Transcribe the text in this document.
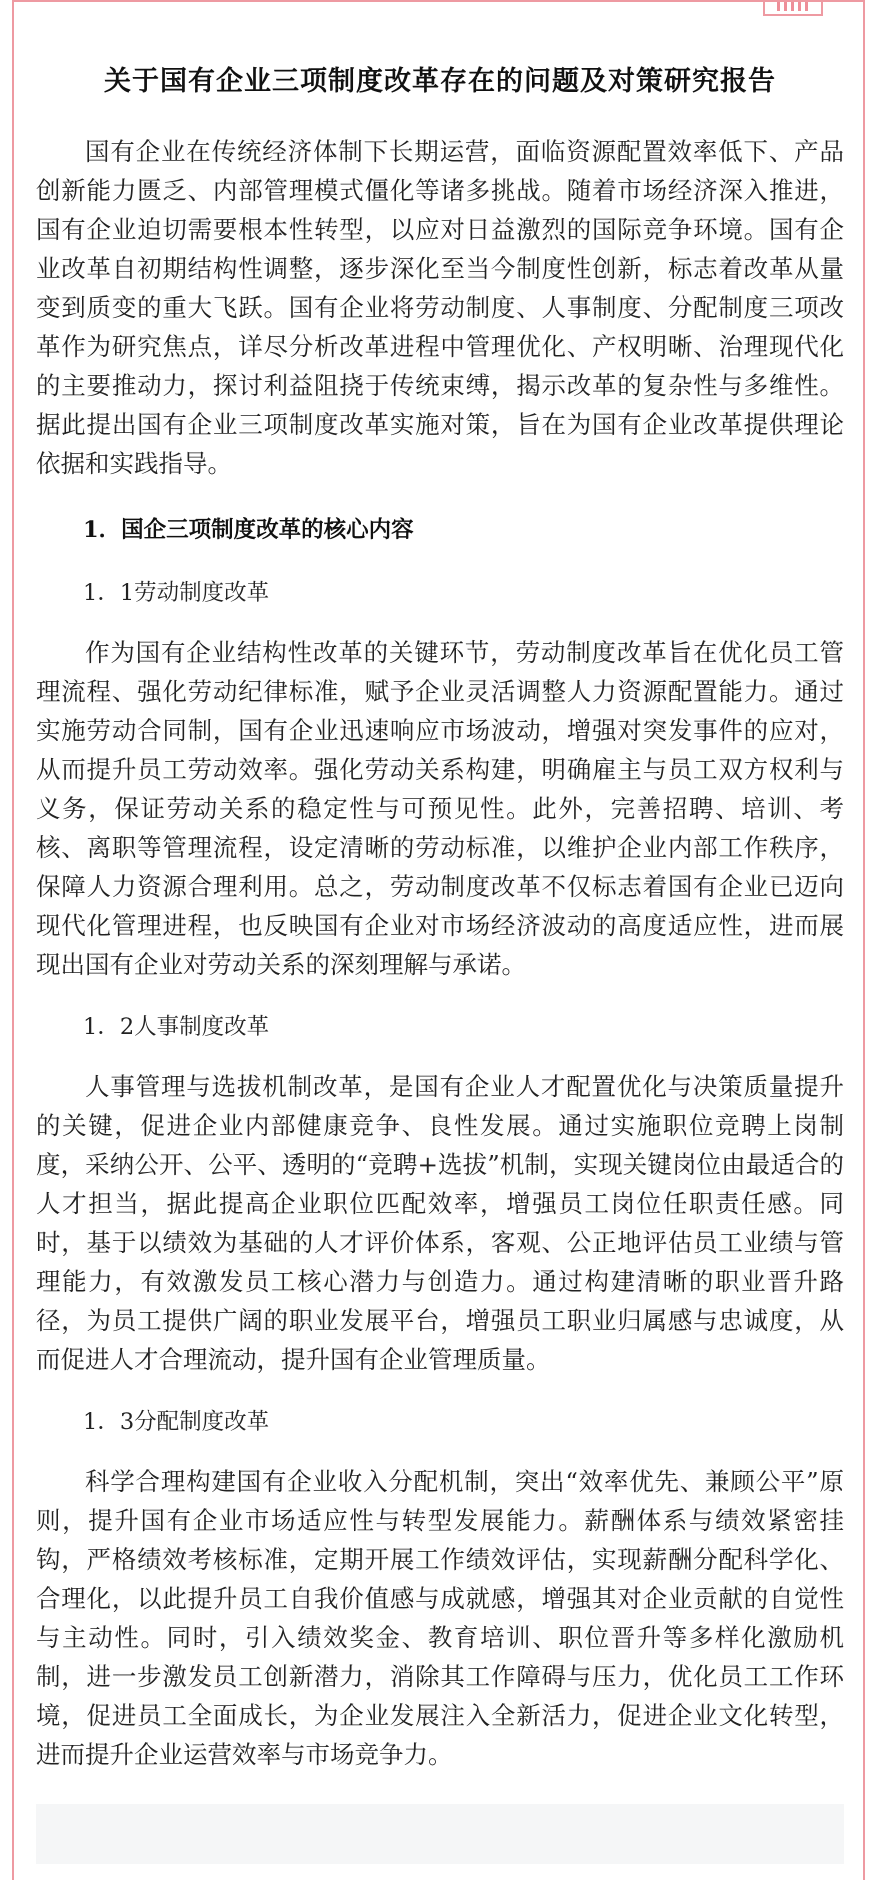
关于国有企业三项制度改革存在的问题及对策研究报告

国有企业在传统经济体制下长期运营，面临资源配置效率低下、产品创新能力匮乏、内部管理模式僵化等诸多挑战。随着市场经济深入推进，国有企业迫切需要根本性转型，以应对日益激烈的国际竞争环境。国有企业改革自初期结构性调整，逐步深化至当今制度性创新，标志着改革从量变到质变的重大飞跃。国有企业将劳动制度、人事制度、分配制度三项改革作为研究焦点，详尽分析改革进程中管理优化、产权明晰、治理现代化的主要推动力，探讨利益阻挠于传统束缚，揭示改革的复杂性与多维性。据此提出国有企业三项制度改革实施对策，旨在为国有企业改革提供理论依据和实践指导。

1．国企三项制度改革的核心内容
1．1劳动制度改革

作为国有企业结构性改革的关键环节，劳动制度改革旨在优化员工管理流程、强化劳动纪律标准，赋予企业灵活调整人力资源配置能力。通过实施劳动合同制，国有企业迅速响应市场波动，增强对突发事件的应对，从而提升员工劳动效率。强化劳动关系构建，明确雇主与员工双方权利与义务，保证劳动关系的稳定性与可预见性。此外，完善招聘、培训、考核、离职等管理流程，设定清晰的劳动标准，以维护企业内部工作秩序，保障人力资源合理利用。总之，劳动制度改革不仅标志着国有企业已迈向现代化管理进程，也反映国有企业对市场经济波动的高度适应性，进而展现出国有企业对劳动关系的深刻理解与承诺。

1．2人事制度改革

人事管理与选拔机制改革，是国有企业人才配置优化与决策质量提升的关键，促进企业内部健康竞争、良性发展。通过实施职位竞聘上岗制度，采纳公开、公平、透明的“竞聘+选拔”机制，实现关键岗位由最适合的人才担当，据此提高企业职位匹配效率，增强员工岗位任职责任感。同时，基于以绩效为基础的人才评价体系，客观、公正地评估员工业绩与管理能力，有效激发员工核心潜力与创造力。通过构建清晰的职业晋升路径，为员工提供广阔的职业发展平台，增强员工职业归属感与忠诚度，从而促进人才合理流动，提升国有企业管理质量。

1．3分配制度改革

科学合理构建国有企业收入分配机制，突出“效率优先、兼顾公平”原则，提升国有企业市场适应性与转型发展能力。薪酬体系与绩效紧密挂钩，严格绩效考核标准，定期开展工作绩效评估，实现薪酬分配科学化、合理化，以此提升员工自我价值感与成就感，增强其对企业贡献的自觉性与主动性。同时，引入绩效奖金、教育培训、职位晋升等多样化激励机制，进一步激发员工创新潜力，消除其工作障碍与压力，优化员工工作环境，促进员工全面成长，为企业发展注入全新活力，促进企业文化转型，进而提升企业运营效率与市场竞争力。
